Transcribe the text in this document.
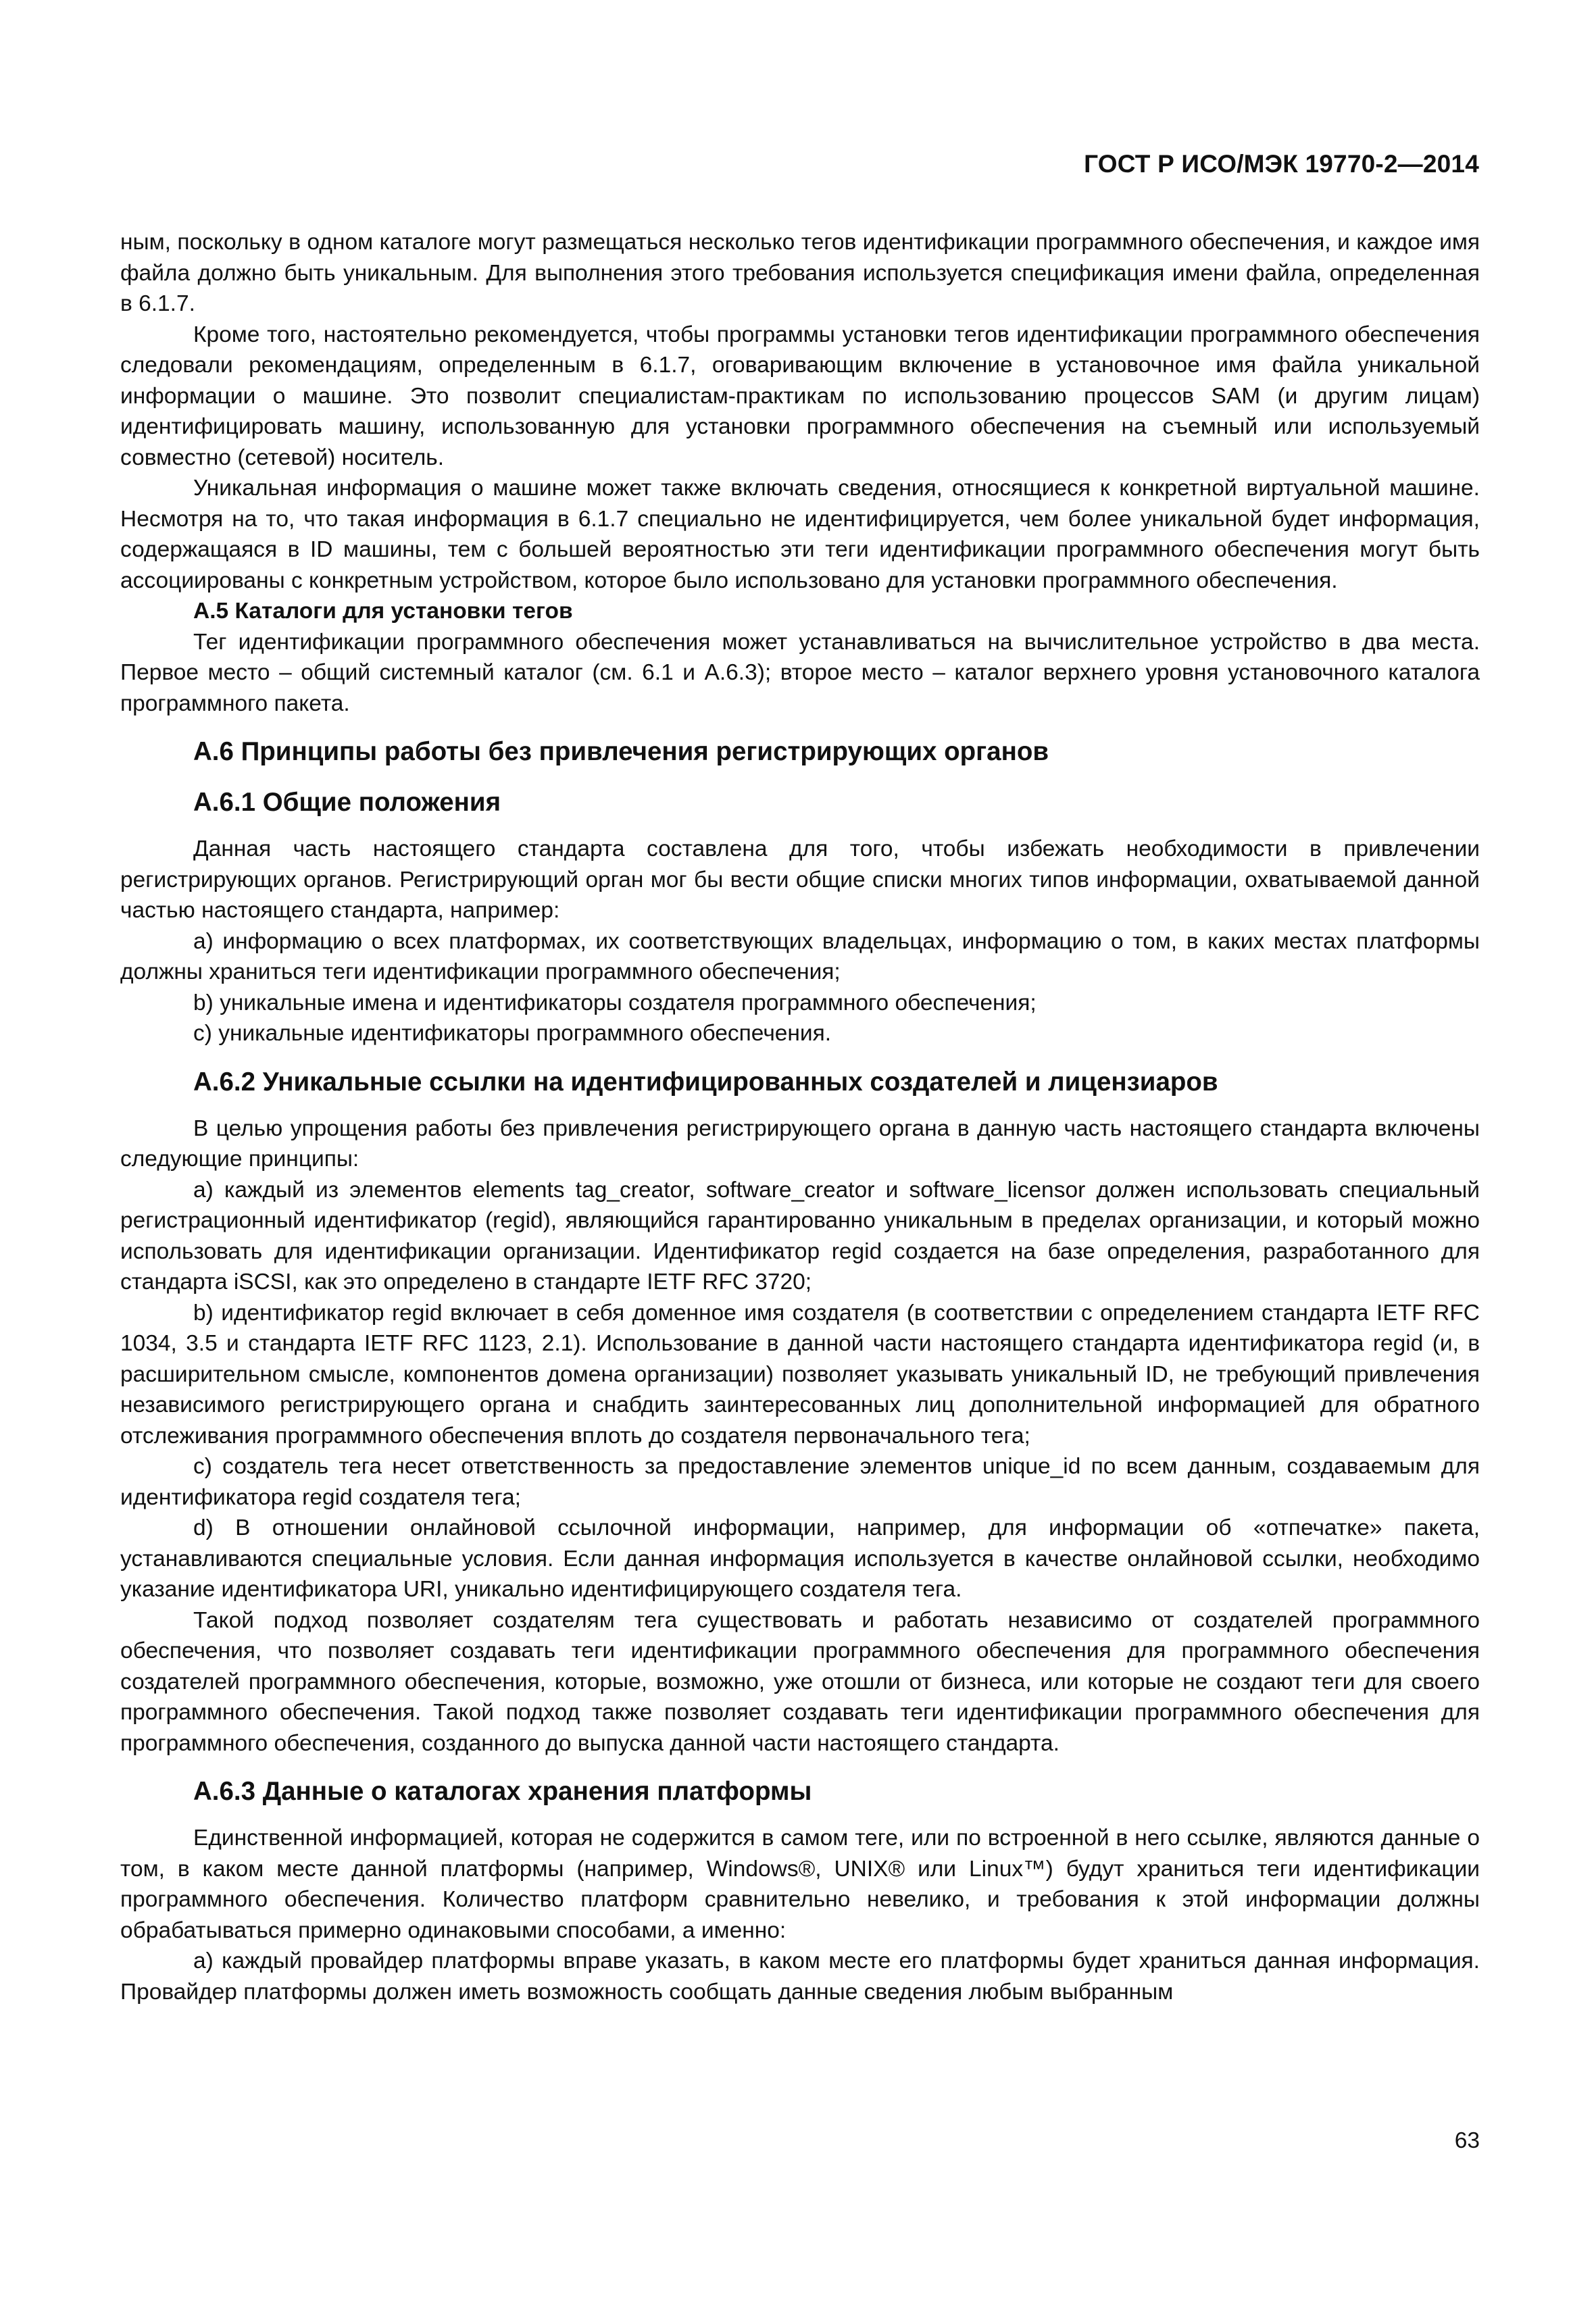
ГОСТ Р ИСО/МЭК 19770-2—2014

ным, поскольку в одном каталоге могут размещаться несколько тегов идентификации программного обеспечения, и каждое имя файла должно быть уникальным. Для выполнения этого требования используется спецификация имени файла, определенная в 6.1.7.

Кроме того, настоятельно рекомендуется, чтобы программы установки тегов идентификации программного обеспечения следовали рекомендациям, определенным в 6.1.7, оговаривающим включение в установочное имя файла уникальной информации о машине. Это позволит специалистам-практикам по использованию процессов SAM (и другим лицам) идентифицировать машину, использованную для установки программного обеспечения на съемный или используемый совместно (сетевой) носитель.

Уникальная информация о машине может также включать сведения, относящиеся к конкретной виртуальной машине. Несмотря на то, что такая информация в 6.1.7 специально не идентифицируется, чем более уникальной будет информация, содержащаяся в ID машины, тем с большей вероятностью эти теги идентификации программного обеспечения могут быть ассоциированы с конкретным устройством, которое было использовано для установки программного обеспечения.

А.5 Каталоги для установки тегов

Тег идентификации программного обеспечения может устанавливаться на вычислительное устройство в два места. Первое место – общий системный каталог (см. 6.1 и А.6.3); второе место – каталог верхнего уровня установочного каталога программного пакета.

А.6 Принципы работы без привлечения регистрирующих органов
А.6.1 Общие положения

Данная часть настоящего стандарта составлена для того, чтобы избежать необходимости в привлечении регистрирующих органов. Регистрирующий орган мог бы вести общие списки многих типов информации, охватываемой данной частью настоящего стандарта, например:

а) информацию о всех платформах, их соответствующих владельцах, информацию о том, в каких местах платформы должны храниться теги идентификации программного обеспечения;

b) уникальные имена и идентификаторы создателя программного обеспечения;

c) уникальные идентификаторы программного обеспечения.

А.6.2 Уникальные ссылки на идентифицированных создателей и лицензиаров

В целью упрощения работы без привлечения регистрирующего органа в данную часть настоящего стандарта включены следующие принципы:

а) каждый из элементов elements tag_creator, software_creator и software_licensor должен использовать специальный регистрационный идентификатор (regid), являющийся гарантированно уникальным в пределах организации, и который можно использовать для идентификации организации. Идентификатор regid создается на базе определения, разработанного для стандарта iSCSI, как это определено в стандарте IETF RFC 3720;

b) идентификатор regid включает в себя доменное имя создателя (в соответствии с определением стандарта IETF RFC 1034, 3.5 и стандарта IETF RFC 1123, 2.1). Использование в данной части настоящего стандарта идентификатора regid (и, в расширительном смысле, компонентов домена организации) позволяет указывать уникальный ID, не требующий привлечения независимого регистрирующего органа и снабдить заинтересованных лиц дополнительной информацией для обратного отслеживания программного обеспечения вплоть до создателя первоначального тега;

c) создатель тега несет ответственность за предоставление элементов unique_id по всем данным, создаваемым для идентификатора regid создателя тега;

d) В отношении онлайновой ссылочной информации, например, для информации об «отпечатке» пакета, устанавливаются специальные условия. Если данная информация используется в качестве онлайновой ссылки, необходимо указание идентификатора URI, уникально идентифицирующего создателя тега.

Такой подход позволяет создателям тега существовать и работать независимо от создателей программного обеспечения, что позволяет создавать теги идентификации программного обеспечения для программного обеспечения создателей программного обеспечения, которые, возможно, уже отошли от бизнеса, или которые не создают теги для своего программного обеспечения. Такой подход также позволяет создавать теги идентификации программного обеспечения для программного обеспечения, созданного до выпуска данной части настоящего стандарта.

А.6.3 Данные о каталогах хранения платформы

Единственной информацией, которая не содержится в самом теге, или по встроенной в него ссылке, являются данные о том, в каком месте данной платформы (например, Windows®, UNIX® или Linux™) будут храниться теги идентификации программного обеспечения. Количество платформ сравнительно невелико, и требования к этой информации должны обрабатываться примерно одинаковыми способами, а именно:

а) каждый провайдер платформы вправе указать, в каком месте его платформы будет храниться данная информация. Провайдер платформы должен иметь возможность сообщать данные сведения любым выбранным

63
